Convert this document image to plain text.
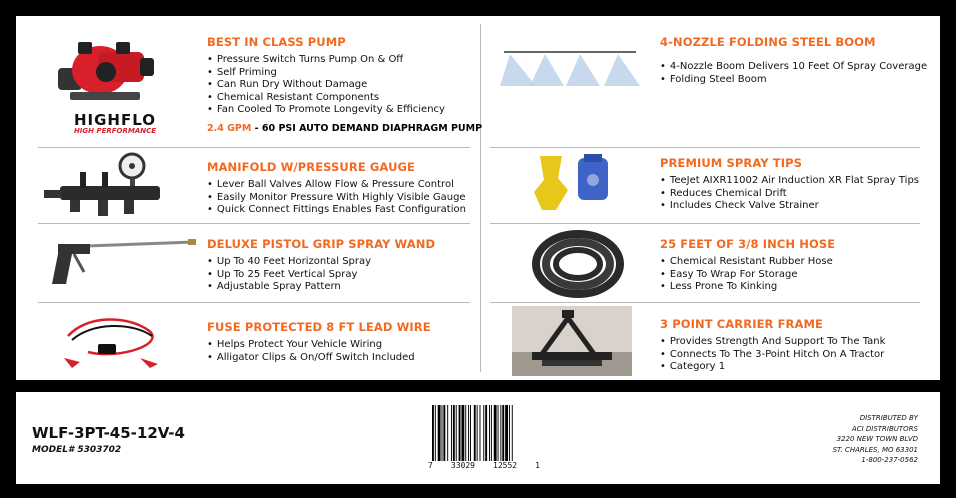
HIGHFLO
HIGH PERFORMANCE
BEST IN CLASS PUMP
• Pressure Switch Turns Pump On & Off
• Self Priming
• Can Run Dry Without Damage
• Chemical Resistant Components
• Fan Cooled To Promote Longevity & Efficiency
2.4 GPM - 60 PSI AUTO DEMAND DIAPHRAGM PUMP
MANIFOLD W/PRESSURE GAUGE
• Lever Ball Valves Allow Flow & Pressure Control
• Easily Monitor Pressure With Highly Visible Gauge
• Quick Connect Fittings Enables Fast Configuration
DELUXE PISTOL GRIP SPRAY WAND
• Up To 40 Feet Horizontal Spray
• Up To 25 Feet Vertical Spray
• Adjustable Spray Pattern
FUSE PROTECTED 8 FT LEAD WIRE
• Helps Protect Your Vehicle Wiring
• Alligator Clips & On/Off Switch Included
4-NOZZLE FOLDING STEEL BOOM
• 4-Nozzle Boom Delivers 10 Feet Of Spray Coverage
• Folding Steel Boom
PREMIUM SPRAY TIPS
• TeeJet AIXR11002 Air Induction XR Flat Spray Tips
• Reduces Chemical Drift
• Includes Check Valve Strainer
25 FEET OF 3/8 INCH HOSE
• Chemical Resistant Rubber Hose
• Easy To Wrap For Storage
• Less Prone To Kinking
3 POINT CARRIER FRAME
• Provides Strength And Support To The Tank
• Connects To The 3-Point Hitch On A Tractor
• Category 1
WLF-3PT-45-12V-4
MODEL# 5303702
7 33029 12552 1
DISTRIBUTED BY
ACI DISTRIBUTORS
3220 NEW TOWN BLVD
ST. CHARLES, MO 63301
1-800-237-0562
